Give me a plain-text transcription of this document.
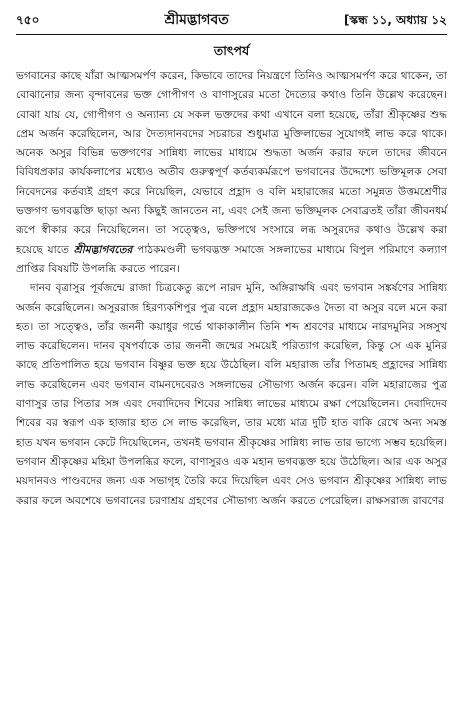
৭৫০	শ্রীমদ্ভাগবত	[স্কন্ধ ১১, অধ্যায় ১২
তাৎপর্য

ভগবানের কাছে যাঁরা আত্মসমর্পণ করেন, কিভাবে তাদের নিয়ন্ত্রণে তিনিও আত্মসমর্পণ করে থাকেন, তা বোঝানোর জন্য বৃন্দাবনের ভক্ত গোপীগণ ও বাণাসুরের মতো দৈত্যের কথাও তিনি উল্লেখ করেছেন। বোঝা যায় যে, গোপীগণ ও অন্যান্য যে সকল ভক্তদের কথা এখানে বলা হয়েছে, তাঁরা শ্রীকৃষ্ণের শুদ্ধ প্রেম অর্জন করেছিলেন, আর দৈত্যদানবদের সচরাচর শুধুমাত্র মুক্তিলাভের সুযোগই লাভ করে থাকে। অনেক অসুর বিভিন্ন ভক্তগণের সান্নিধ্য লাভের মাধ্যমে শুদ্ধতা অর্জন করার ফলে তাদের জীবনে বিবিধপ্রকার কার্যকলাপের মধ্যেও অতীব গুরুত্বপূর্ণ কর্তব্যকর্মরূপে ভগবানের উদ্দেশ্যে ভক্তিমূলক সেবা নিবেদনের কর্তব্যই গ্রহণ করে নিয়েছিল, যেভাবে প্রহ্লাদ ও বলি মহারাজের মতো সমুন্নত উত্তমশ্রেণীর ভক্তগণ ভগবদ্ভক্তি ছাড়া অন্য কিছুই জানতেন না, এবং সেই জন্য ভক্তিমূলক সেবাব্রতই তাঁরা জীবনধর্ম রূপে স্বীকার করে নিয়েছিলেন। তা সত্ত্বেও, ভক্তিপথে সংসারে লব্ধ অসুরদের কথাও উল্লেখ করা হয়েছে যাতে শ্রীমদ্ভাগবতের পাঠকমণ্ডলী ভগবদ্ভক্ত সমাজে সঙ্গলাভের মাধ্যমে বিপুল পরিমাণে কল্যাণ প্রাপ্তির বিষয়টি উপলব্ধি করতে পারেন।

দানব বৃত্রাসুর পূর্বজন্মে রাজা চিত্রকেতু রূপে নারদ মুনি, অঙ্গিরাঋষি এবং ভগবান সঙ্কর্ষণের সান্নিধ্য অর্জন করেছিলেন। অসুররাজ হিরণ্যকশিপুর পুত্র বলে প্রহ্লাদ মহারাজকেও দৈত্য বা অসুর বলে মনে করা হত। তা সত্ত্বেও, তাঁর জননী কয়াধুর গর্ভে থাকাকালীন তিনি শব্দ শ্রবণের মাধ্যমে নারদমুনির সঙ্গসুখ লাভ করেছিলেন। দানব বৃষপর্বাকে তার জননী জন্মের সময়েই পরিত্যাগ করেছিল, কিন্তু সে এক মুনির কাছে প্রতিপালিত হয়ে ভগবান বিষ্ণুর ভক্ত হয়ে উঠেছিল। বলি মহারাজ তাঁর পিতামহ প্রহ্লাদের সান্নিধ্য লাভ করেছিলেন এবং ভগবান বামনদেবেরও সঙ্গলাভের সৌভাগ্য অর্জন করেন। বলি মহারাজের পুত্র বাণাসুর তার পিতার সঙ্গ এবং দেবাদিদেব শিবের সান্নিধ্য লাভের মাধ্যমে রক্ষা পেয়েছিলেন। দেবাদিদেব শিবের বর স্বরূপ এক হাজার হাত সে লাভ করেছিল, তার মধ্যে মাত্র দুটি হাত বাকি রেখে অন্য সমস্ত হাত যখন ভগবান কেটে দিয়েছিলেন, তখনই ভগবান শ্রীকৃষ্ণের সান্নিধ্য লাভ তার ভাগ্যে সম্ভব হয়েছিল। ভগবান শ্রীকৃষ্ণের মহিমা উপলব্ধির ফলে, বাণাসুরও এক মহান ভগবদ্ভক্ত হয়ে উঠেছিল। আর এক অসুর ময়দানবও পাণ্ডবদের জন্য এক সভাগৃহ তৈরি করে দিয়েছিল এবং সেও ভগবান শ্রীকৃষ্ণের সান্নিধ্য লাভ করার ফলে অবশেষে ভগবানের চরণাশ্রয় গ্রহণের সৌভাগ্য অর্জন করতে পেরেছিল। রাক্ষসরাজ রাবণের
